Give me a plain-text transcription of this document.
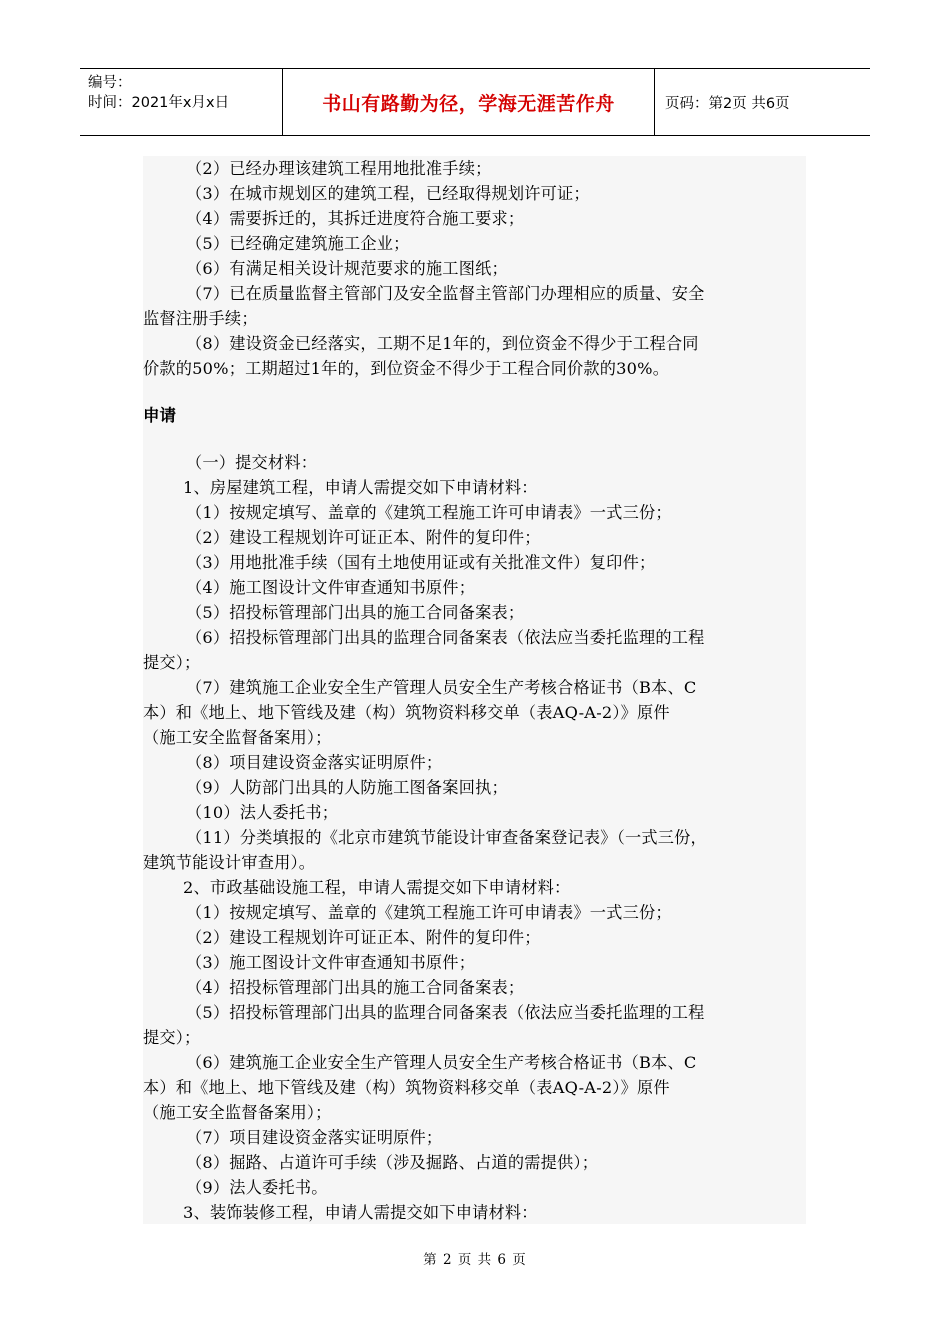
编号：
时间：2021年x月x日	书山有路勤为径，学海无涯苦作舟	页码：第2页 共6页
（2）已经办理该建筑工程用地批准手续；
（3）在城市规划区的建筑工程，已经取得规划许可证；
（4）需要拆迁的，其拆迁进度符合施工要求；
（5）已经确定建筑施工企业；
（6）有满足相关设计规范要求的施工图纸；
（7）已在质量监督主管部门及安全监督主管部门办理相应的质量、安全
监督注册手续；
（8）建设资金已经落实，工期不足1年的，到位资金不得少于工程合同
价款的50%；工期超过1年的，到位资金不得少于工程合同价款的30%。
申请
（一）提交材料：
1、房屋建筑工程，申请人需提交如下申请材料：
（1）按规定填写、盖章的《建筑工程施工许可申请表》一式三份；
（2）建设工程规划许可证正本、附件的复印件；
（3）用地批准手续（国有土地使用证或有关批准文件）复印件；
（4）施工图设计文件审查通知书原件；
（5）招投标管理部门出具的施工合同备案表；
（6）招投标管理部门出具的监理合同备案表（依法应当委托监理的工程
提交）；
（7）建筑施工企业安全生产管理人员安全生产考核合格证书（B本、C
本）和《地上、地下管线及建（构）筑物资料移交单（表AQ-A-2）》原件
（施工安全监督备案用）；
（8）项目建设资金落实证明原件；
（9）人防部门出具的人防施工图备案回执；
（10）法人委托书；
（11）分类填报的《北京市建筑节能设计审查备案登记表》（一式三份，
建筑节能设计审查用）。
2、市政基础设施工程，申请人需提交如下申请材料：
（1）按规定填写、盖章的《建筑工程施工许可申请表》一式三份；
（2）建设工程规划许可证正本、附件的复印件；
（3）施工图设计文件审查通知书原件；
（4）招投标管理部门出具的施工合同备案表；
（5）招投标管理部门出具的监理合同备案表（依法应当委托监理的工程
提交）；
（6）建筑施工企业安全生产管理人员安全生产考核合格证书（B本、C
本）和《地上、地下管线及建（构）筑物资料移交单（表AQ-A-2）》原件
（施工安全监督备案用）；
（7）项目建设资金落实证明原件；
（8）掘路、占道许可手续（涉及掘路、占道的需提供）；
（9）法人委托书。
3、装饰装修工程，申请人需提交如下申请材料：
第 2 页 共 6 页
